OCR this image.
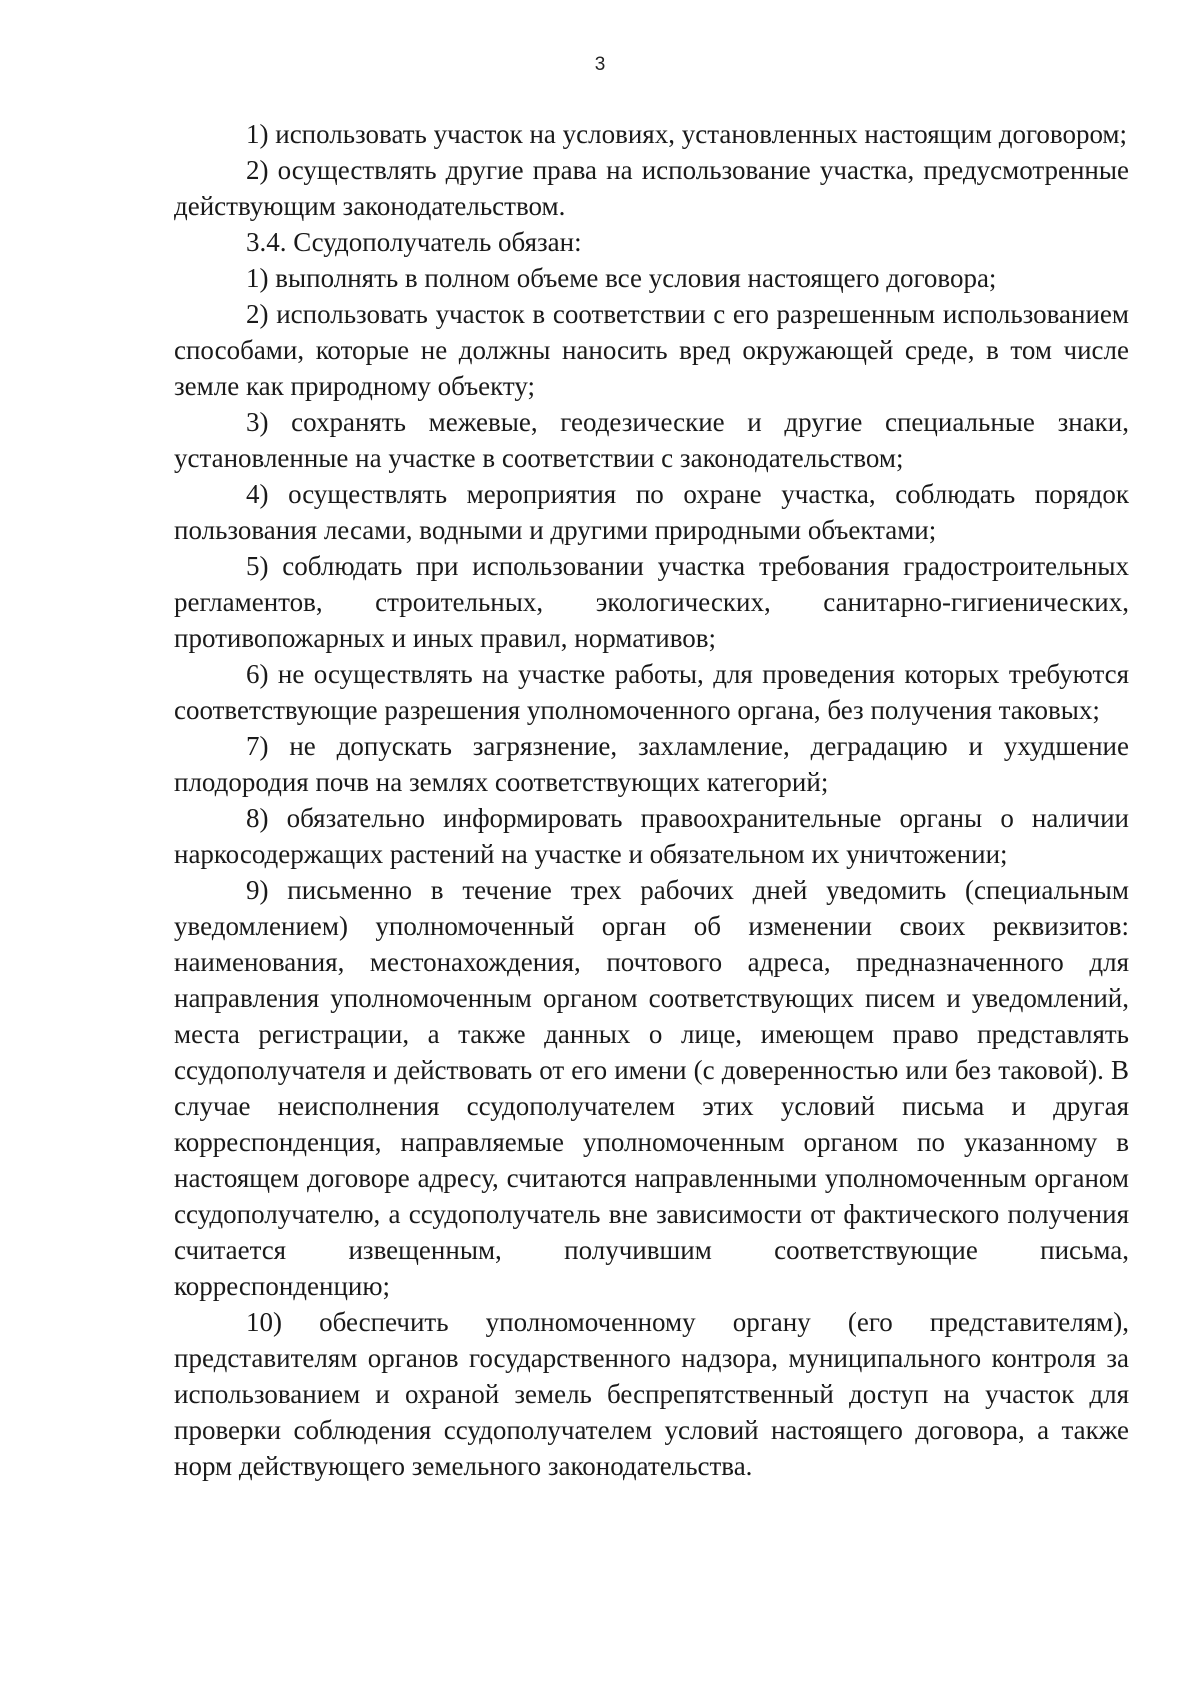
3

1) использовать участок на условиях, установленных настоящим договором;

2) осуществлять другие права на использование участка, предусмотренные действующим законодательством.

3.4. Ссудополучатель обязан:

1) выполнять в полном объеме все условия настоящего договора;

2) использовать участок в соответствии с его разрешенным использованием способами, которые не должны наносить вред окружающей среде, в том числе земле как природному объекту;

3) сохранять межевые, геодезические и другие специальные знаки, установленные на участке в соответствии с законодательством;

4) осуществлять мероприятия по охране участка, соблюдать порядок пользования лесами, водными и другими природными объектами;

5) соблюдать при использовании участка требования градостроительных регламентов, строительных, экологических, санитарно-гигиенических, противопожарных и иных правил, нормативов;

6) не осуществлять на участке работы, для проведения которых требуются соответствующие разрешения уполномоченного органа, без получения таковых;

7) не допускать загрязнение, захламление, деградацию и ухудшение плодородия почв на землях соответствующих категорий;

8) обязательно информировать правоохранительные органы о наличии наркосодержащих растений на участке и обязательном их уничтожении;

9) письменно в течение трех рабочих дней уведомить (специальным уведомлением) уполномоченный орган об изменении своих реквизитов: наименования, местонахождения, почтового адреса, предназначенного для направления уполномоченным органом соответствующих писем и уведомлений, места регистрации, а также данных о лице, имеющем право представлять ссудополучателя и действовать от его имени (с доверенностью или без таковой). В случае неисполнения ссудополучателем этих условий письма и другая корреспонденция, направляемые уполномоченным органом по указанному в настоящем договоре адресу, считаются направленными уполномоченным органом ссудополучателю, а ссудополучатель вне зависимости от фактического получения считается извещенным, получившим соответствующие письма, корреспонденцию;

10) обеспечить уполномоченному органу (его представителям), представителям органов государственного надзора, муниципального контроля за использованием и охраной земель беспрепятственный доступ на участок для проверки соблюдения ссудополучателем условий настоящего договора, а также норм действующего земельного законодательства.
